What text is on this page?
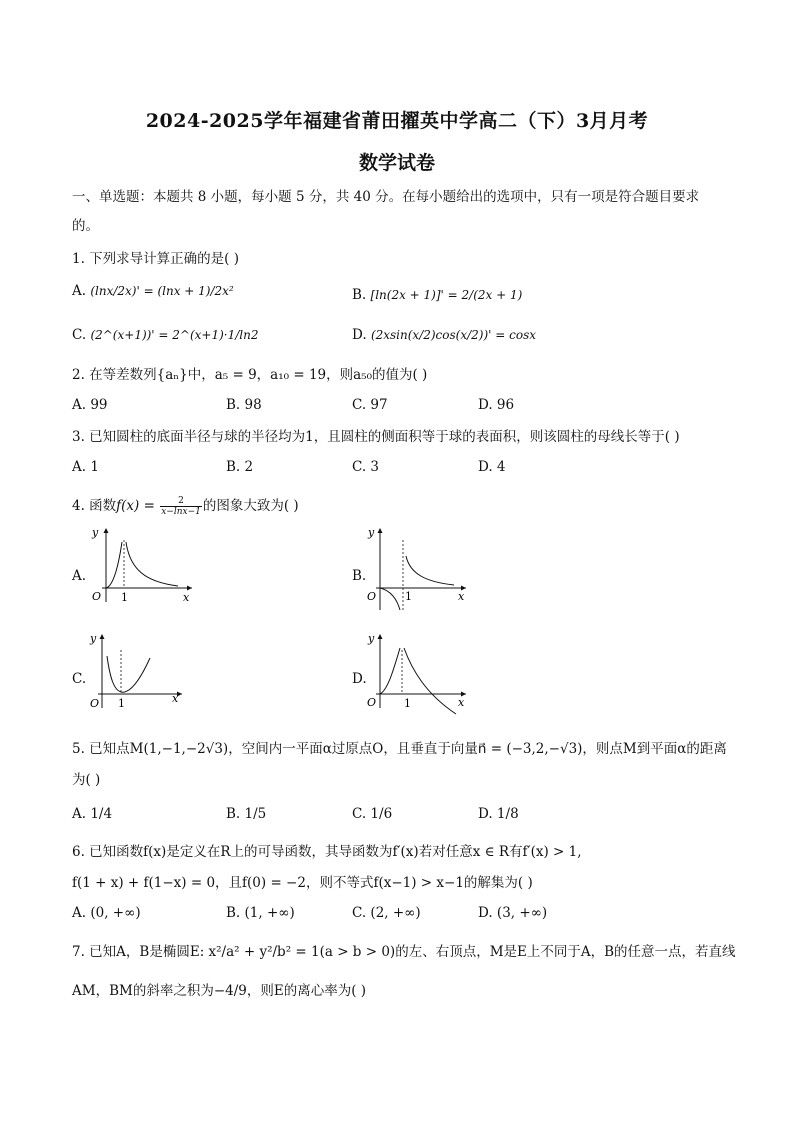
2024-2025学年福建省莆田擢英中学高二（下）3月月考
数学试卷
一、单选题：本题共 8 小题，每小题 5 分，共 40 分。在每小题给出的选项中，只有一项是符合题目要求
的。
1. 下列求导计算正确的是( )
A. (lnx/2x)' = (lnx + 1)/2x²	B. [ln(2x + 1)]' = 2/(2x + 1)
C. (2^(x+1))' = 2^(x+1)·1/ln2	D. (2xsin(x/2)cos(x/2))' = cosx
2. 在等差数列{aₙ}中，a₅ = 9，a₁₀ = 19，则a₅₀的值为( )
A. 99	B. 98	C. 97	D. 96
3. 已知圆柱的底面半径与球的半径均为1，且圆柱的侧面积等于球的表面积，则该圆柱的母线长等于( )
A. 1	B. 2	C. 3	D. 4
4. 函数$f(x) = \frac{2}{x-\ln x-1}$ 的图象大致为( )
A.	B.
C.	D.
y
O 1	x
y
O	1	x
y
O 1	x
y
O	1	x
5. 已知点M(1,−1,−2√3)，空间内一平面α过原点O，且垂直于向量n⃗ = (−3,2,−√3)，则点M到平面α的距离
为( )
A. 1/4	B. 1/5	C. 1/6	D. 1/8
6. 已知函数f(x)是定义在R上的可导函数，其导函数为f′(x)若对任意x ∈ R有f′(x) > 1,
f(1 + x) + f(1−x) = 0，且f(0) = −2，则不等式f(x−1) > x−1的解集为( )
A. (0, +∞)	B. (1, +∞)	C. (2, +∞)	D. (3, +∞)
7. 已知A，B是椭圆E: x²/a² + y²/b² = 1(a > b > 0)的左、右顶点，M是E上不同于A，B的任意一点，若直线
AM，BM的斜率之积为−4/9，则E的离心率为( )
